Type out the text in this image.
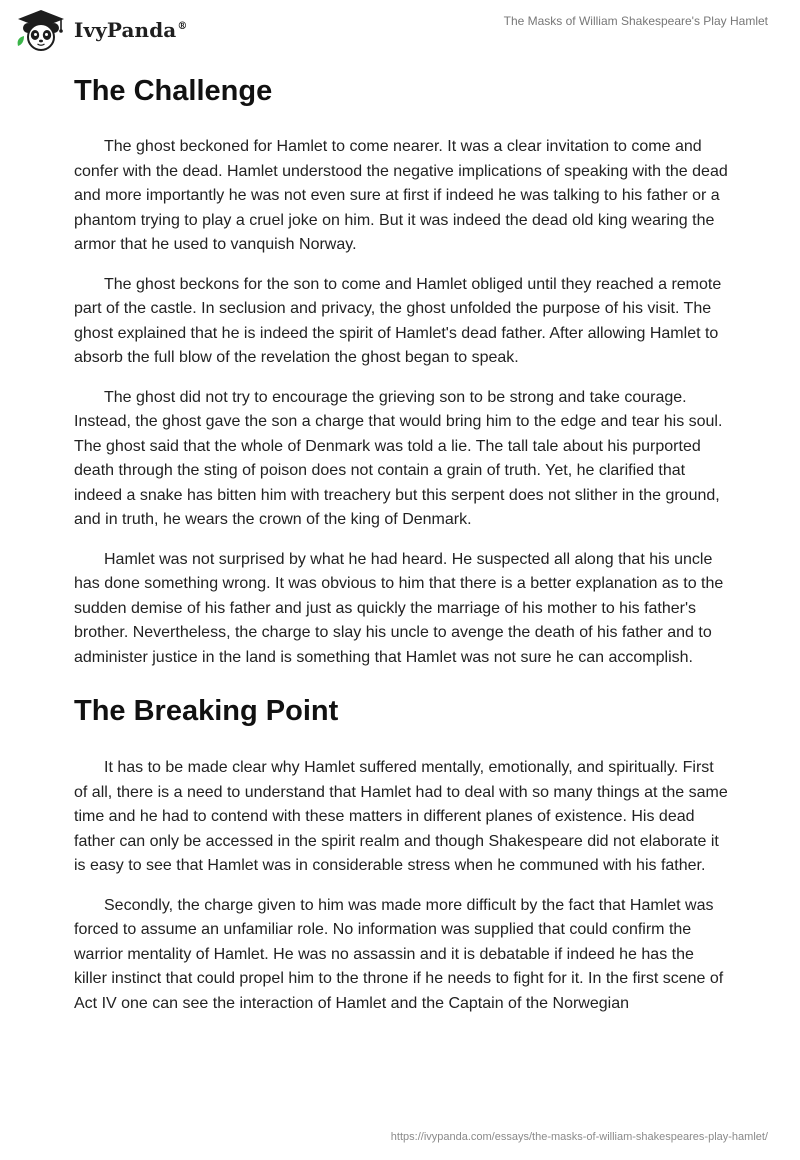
IvyPanda®	The Masks of William Shakespeare's Play Hamlet
The Challenge

The ghost beckoned for Hamlet to come nearer. It was a clear invitation to come and confer with the dead. Hamlet understood the negative implications of speaking with the dead and more importantly he was not even sure at first if indeed he was talking to his father or a phantom trying to play a cruel joke on him. But it was indeed the dead old king wearing the armor that he used to vanquish Norway.

The ghost beckons for the son to come and Hamlet obliged until they reached a remote part of the castle. In seclusion and privacy, the ghost unfolded the purpose of his visit. The ghost explained that he is indeed the spirit of Hamlet's dead father. After allowing Hamlet to absorb the full blow of the revelation the ghost began to speak.

The ghost did not try to encourage the grieving son to be strong and take courage. Instead, the ghost gave the son a charge that would bring him to the edge and tear his soul. The ghost said that the whole of Denmark was told a lie. The tall tale about his purported death through the sting of poison does not contain a grain of truth. Yet, he clarified that indeed a snake has bitten him with treachery but this serpent does not slither in the ground, and in truth, he wears the crown of the king of Denmark.

Hamlet was not surprised by what he had heard. He suspected all along that his uncle has done something wrong. It was obvious to him that there is a better explanation as to the sudden demise of his father and just as quickly the marriage of his mother to his father's brother. Nevertheless, the charge to slay his uncle to avenge the death of his father and to administer justice in the land is something that Hamlet was not sure he can accomplish.

The Breaking Point

It has to be made clear why Hamlet suffered mentally, emotionally, and spiritually. First of all, there is a need to understand that Hamlet had to deal with so many things at the same time and he had to contend with these matters in different planes of existence. His dead father can only be accessed in the spirit realm and though Shakespeare did not elaborate it is easy to see that Hamlet was in considerable stress when he communed with his father.

Secondly, the charge given to him was made more difficult by the fact that Hamlet was forced to assume an unfamiliar role. No information was supplied that could confirm the warrior mentality of Hamlet. He was no assassin and it is debatable if indeed he has the killer instinct that could propel him to the throne if he needs to fight for it. In the first scene of Act IV one can see the interaction of Hamlet and the Captain of the Norwegian

https://ivypanda.com/essays/the-masks-of-william-shakespeares-play-hamlet/
